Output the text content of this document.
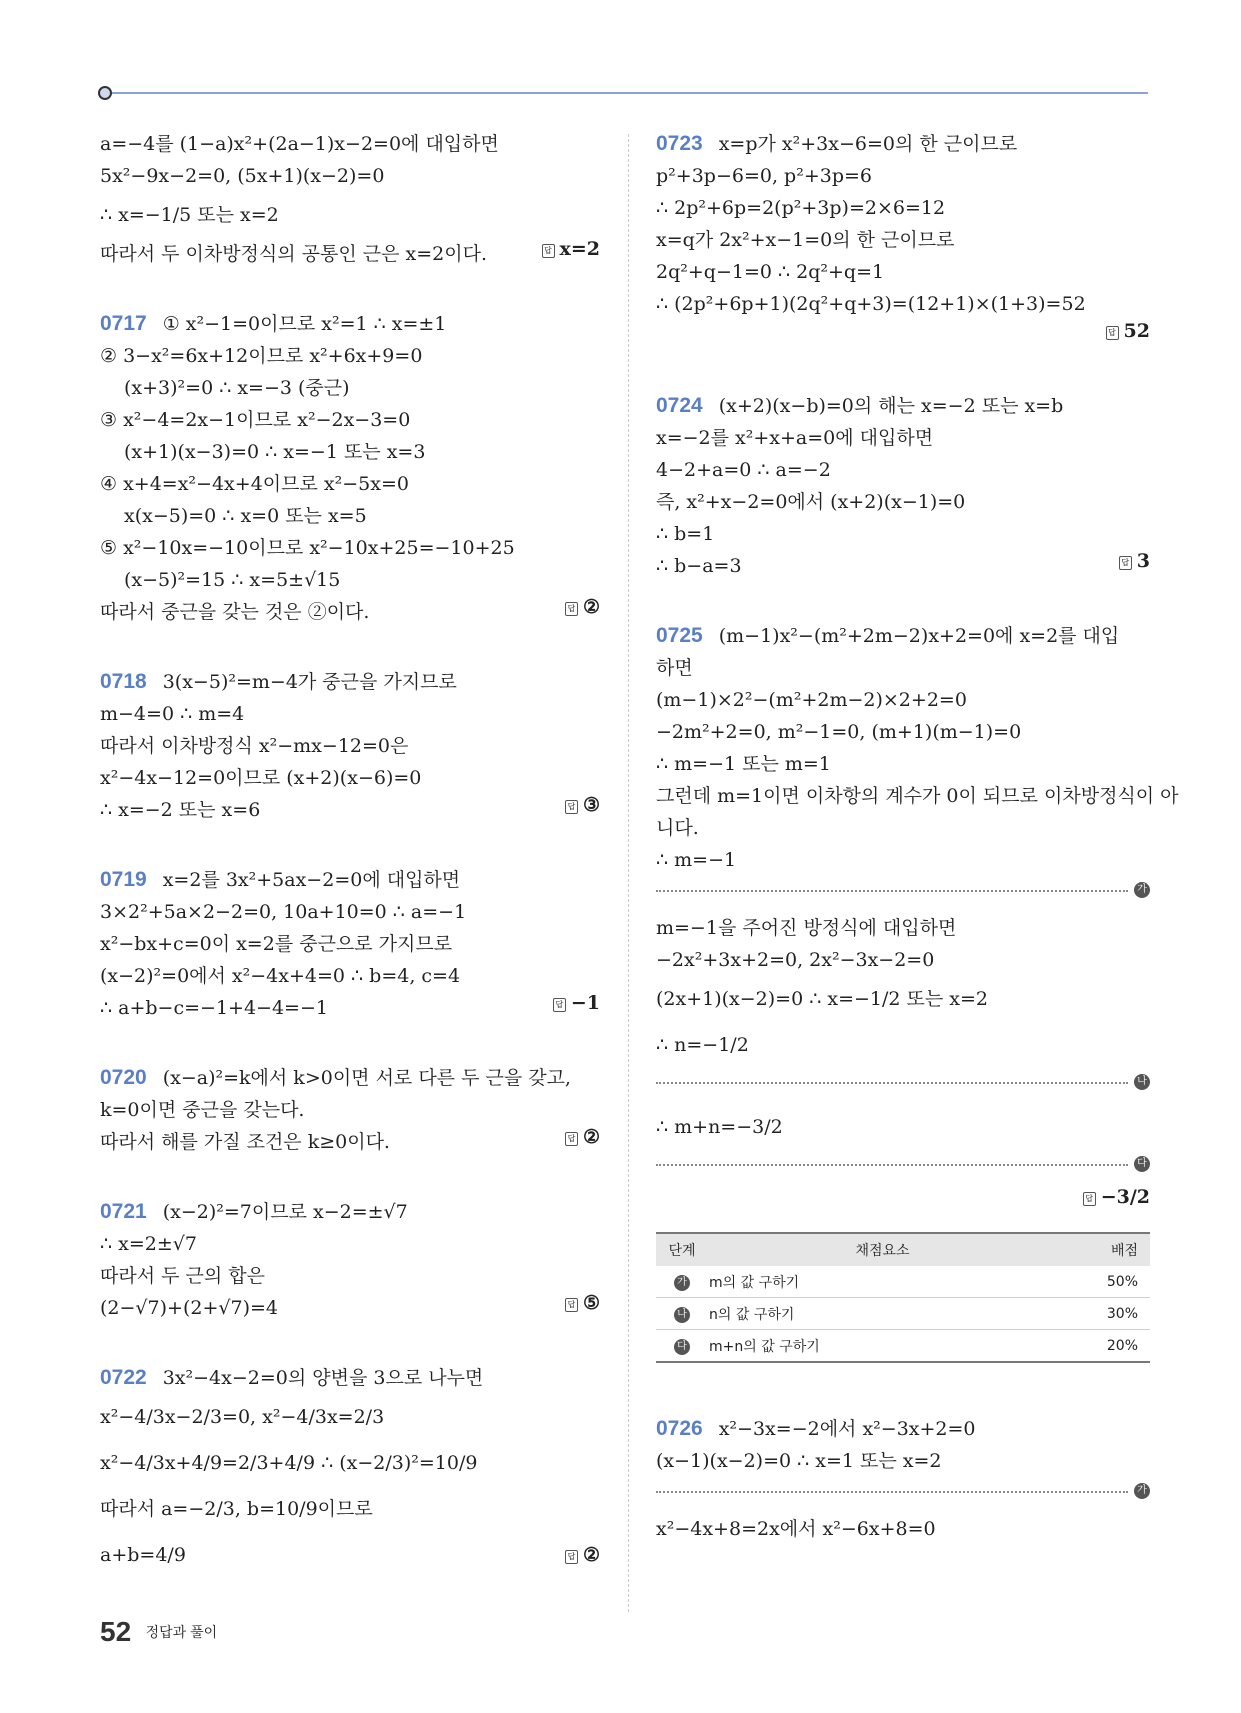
a=−4를 (1−a)x²+(2a−1)x−2=0에 대입하면
5x²−9x−2=0, (5x+1)(x−2)=0
∴ x=−1/5 또는 x=2
따라서 두 이차방정식의 공통인 근은 x=2이다.	답 x=2
0717 ① x²−1=0이므로 x²=1 ∴ x=±1
② 3−x²=6x+12이므로 x²+6x+9=0
(x+3)²=0 ∴ x=−3 (중근)
③ x²−4=2x−1이므로 x²−2x−3=0
(x+1)(x−3)=0 ∴ x=−1 또는 x=3
④ x+4=x²−4x+4이므로 x²−5x=0
x(x−5)=0 ∴ x=0 또는 x=5
⑤ x²−10x=−10이므로 x²−10x+25=−10+25
(x−5)²=15 ∴ x=5±√15
따라서 중근을 갖는 것은 ②이다.	답 ②
0718 3(x−5)²=m−4가 중근을 가지므로
m−4=0 ∴ m=4
따라서 이차방정식 x²−mx−12=0은
x²−4x−12=0이므로 (x+2)(x−6)=0
∴ x=−2 또는 x=6	답 ③
0719 x=2를 3x²+5ax−2=0에 대입하면
3×2²+5a×2−2=0, 10a+10=0 ∴ a=−1
x²−bx+c=0이 x=2를 중근으로 가지므로
(x−2)²=0에서 x²−4x+4=0 ∴ b=4, c=4
∴ a+b−c=−1+4−4=−1	답 −1
0720 (x−a)²=k에서 k>0이면 서로 다른 두 근을 갖고,
k=0이면 중근을 갖는다.
따라서 해를 가질 조건은 k≥0이다.	답 ②
0721 (x−2)²=7이므로 x−2=±√7
∴ x=2±√7
따라서 두 근의 합은
(2−√7)+(2+√7)=4	답 ⑤
0722 3x²−4x−2=0의 양변을 3으로 나누면
x²−4/3x−2/3=0, x²−4/3x=2/3
x²−4/3x+4/9=2/3+4/9 ∴ (x−2/3)²=10/9
따라서 a=−2/3, b=10/9이므로
a+b=4/9	답 ②
0723 x=p가 x²+3x−6=0의 한 근이므로
p²+3p−6=0, p²+3p=6
∴ 2p²+6p=2(p²+3p)=2×6=12
x=q가 2x²+x−1=0의 한 근이므로
2q²+q−1=0 ∴ 2q²+q=1
∴ (2p²+6p+1)(2q²+q+3)=(12+1)×(1+3)=52
답 52
0724 (x+2)(x−b)=0의 해는 x=−2 또는 x=b
x=−2를 x²+x+a=0에 대입하면
4−2+a=0 ∴ a=−2
즉, x²+x−2=0에서 (x+2)(x−1)=0
∴ b=1
∴ b−a=3	답 3
0725 (m−1)x²−(m²+2m−2)x+2=0에 x=2를 대입
하면
(m−1)×2²−(m²+2m−2)×2+2=0
−2m²+2=0, m²−1=0, (m+1)(m−1)=0
∴ m=−1 또는 m=1
그런데 m=1이면 이차항의 계수가 0이 되므로 이차방정식이 아
니다.
∴ m=−1
가
m=−1을 주어진 방정식에 대입하면
−2x²+3x+2=0, 2x²−3x−2=0
(2x+1)(x−2)=0 ∴ x=−1/2 또는 x=2
∴ n=−1/2
나
∴ m+n=−3/2
다
답 −3/2
단계	채점요소	배점
가	m의 값 구하기	50%
나	n의 값 구하기	30%
다	m+n의 값 구하기	20%
0726 x²−3x=−2에서 x²−3x+2=0
(x−1)(x−2)=0 ∴ x=1 또는 x=2
가
x²−4x+8=2x에서 x²−6x+8=0
52 정답과 풀이
